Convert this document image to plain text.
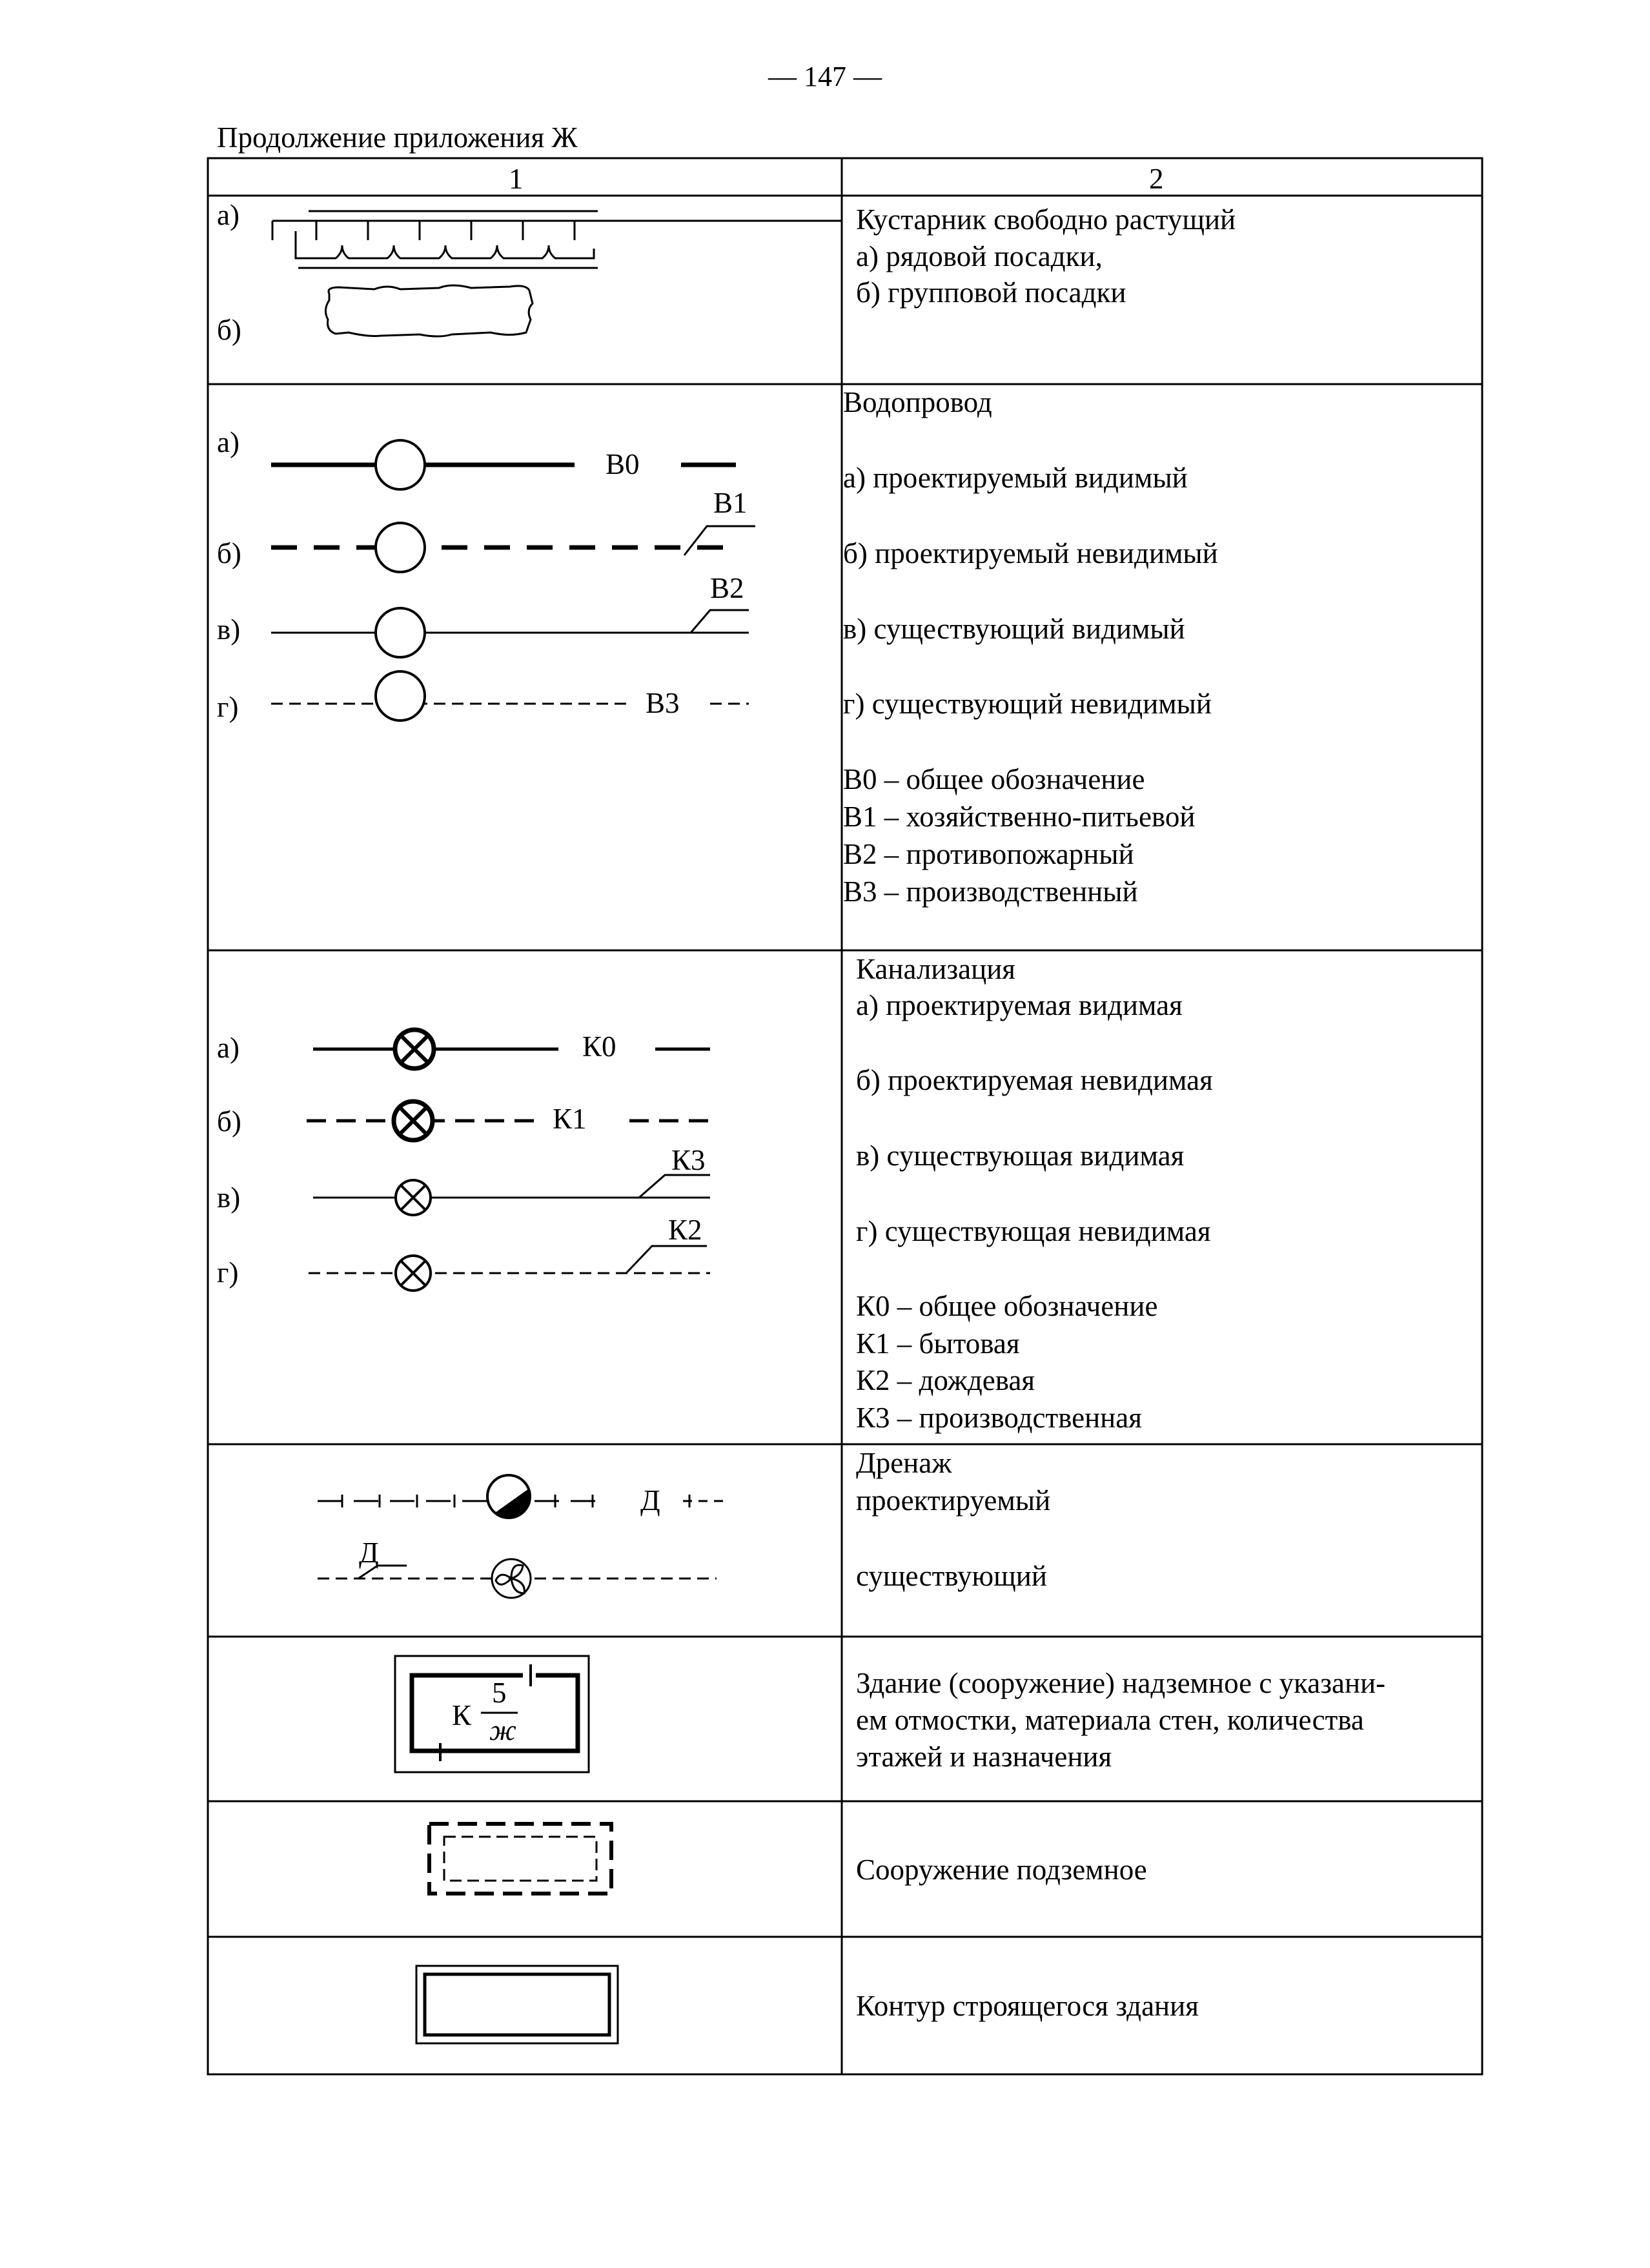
— 147 —
Продолжение приложения Ж
1	2
а)
б)
Кустарник свободно растущий
а) рядовой посадки,
б) групповой посадки
а)
б)
в)
г)
В0
В1
В2
В3
Водопровод
а) проектируемый видимый
б) проектируемый невидимый
в) существующий видимый
г) существующий невидимый
В0 – общее обозначение
В1 – хозяйственно-питьевой
В2 – противопожарный
В3 – производственный
а)
б)
в)
г)
К0
К1
К3
К2
Канализация
а) проектируемая видимая
б) проектируемая невидимая
в) существующая видимая
г) существующая невидимая
К0 – общее обозначение
К1 – бытовая
К2 – дождевая
К3 – производственная
Д
Д
Дренаж
проектируемый
существующий
К
5
ж
Здание (сооружение) надземное с указани-
ем отмостки, материала стен, количества
этажей и назначения
Сооружение подземное
Контур строящегося здания
